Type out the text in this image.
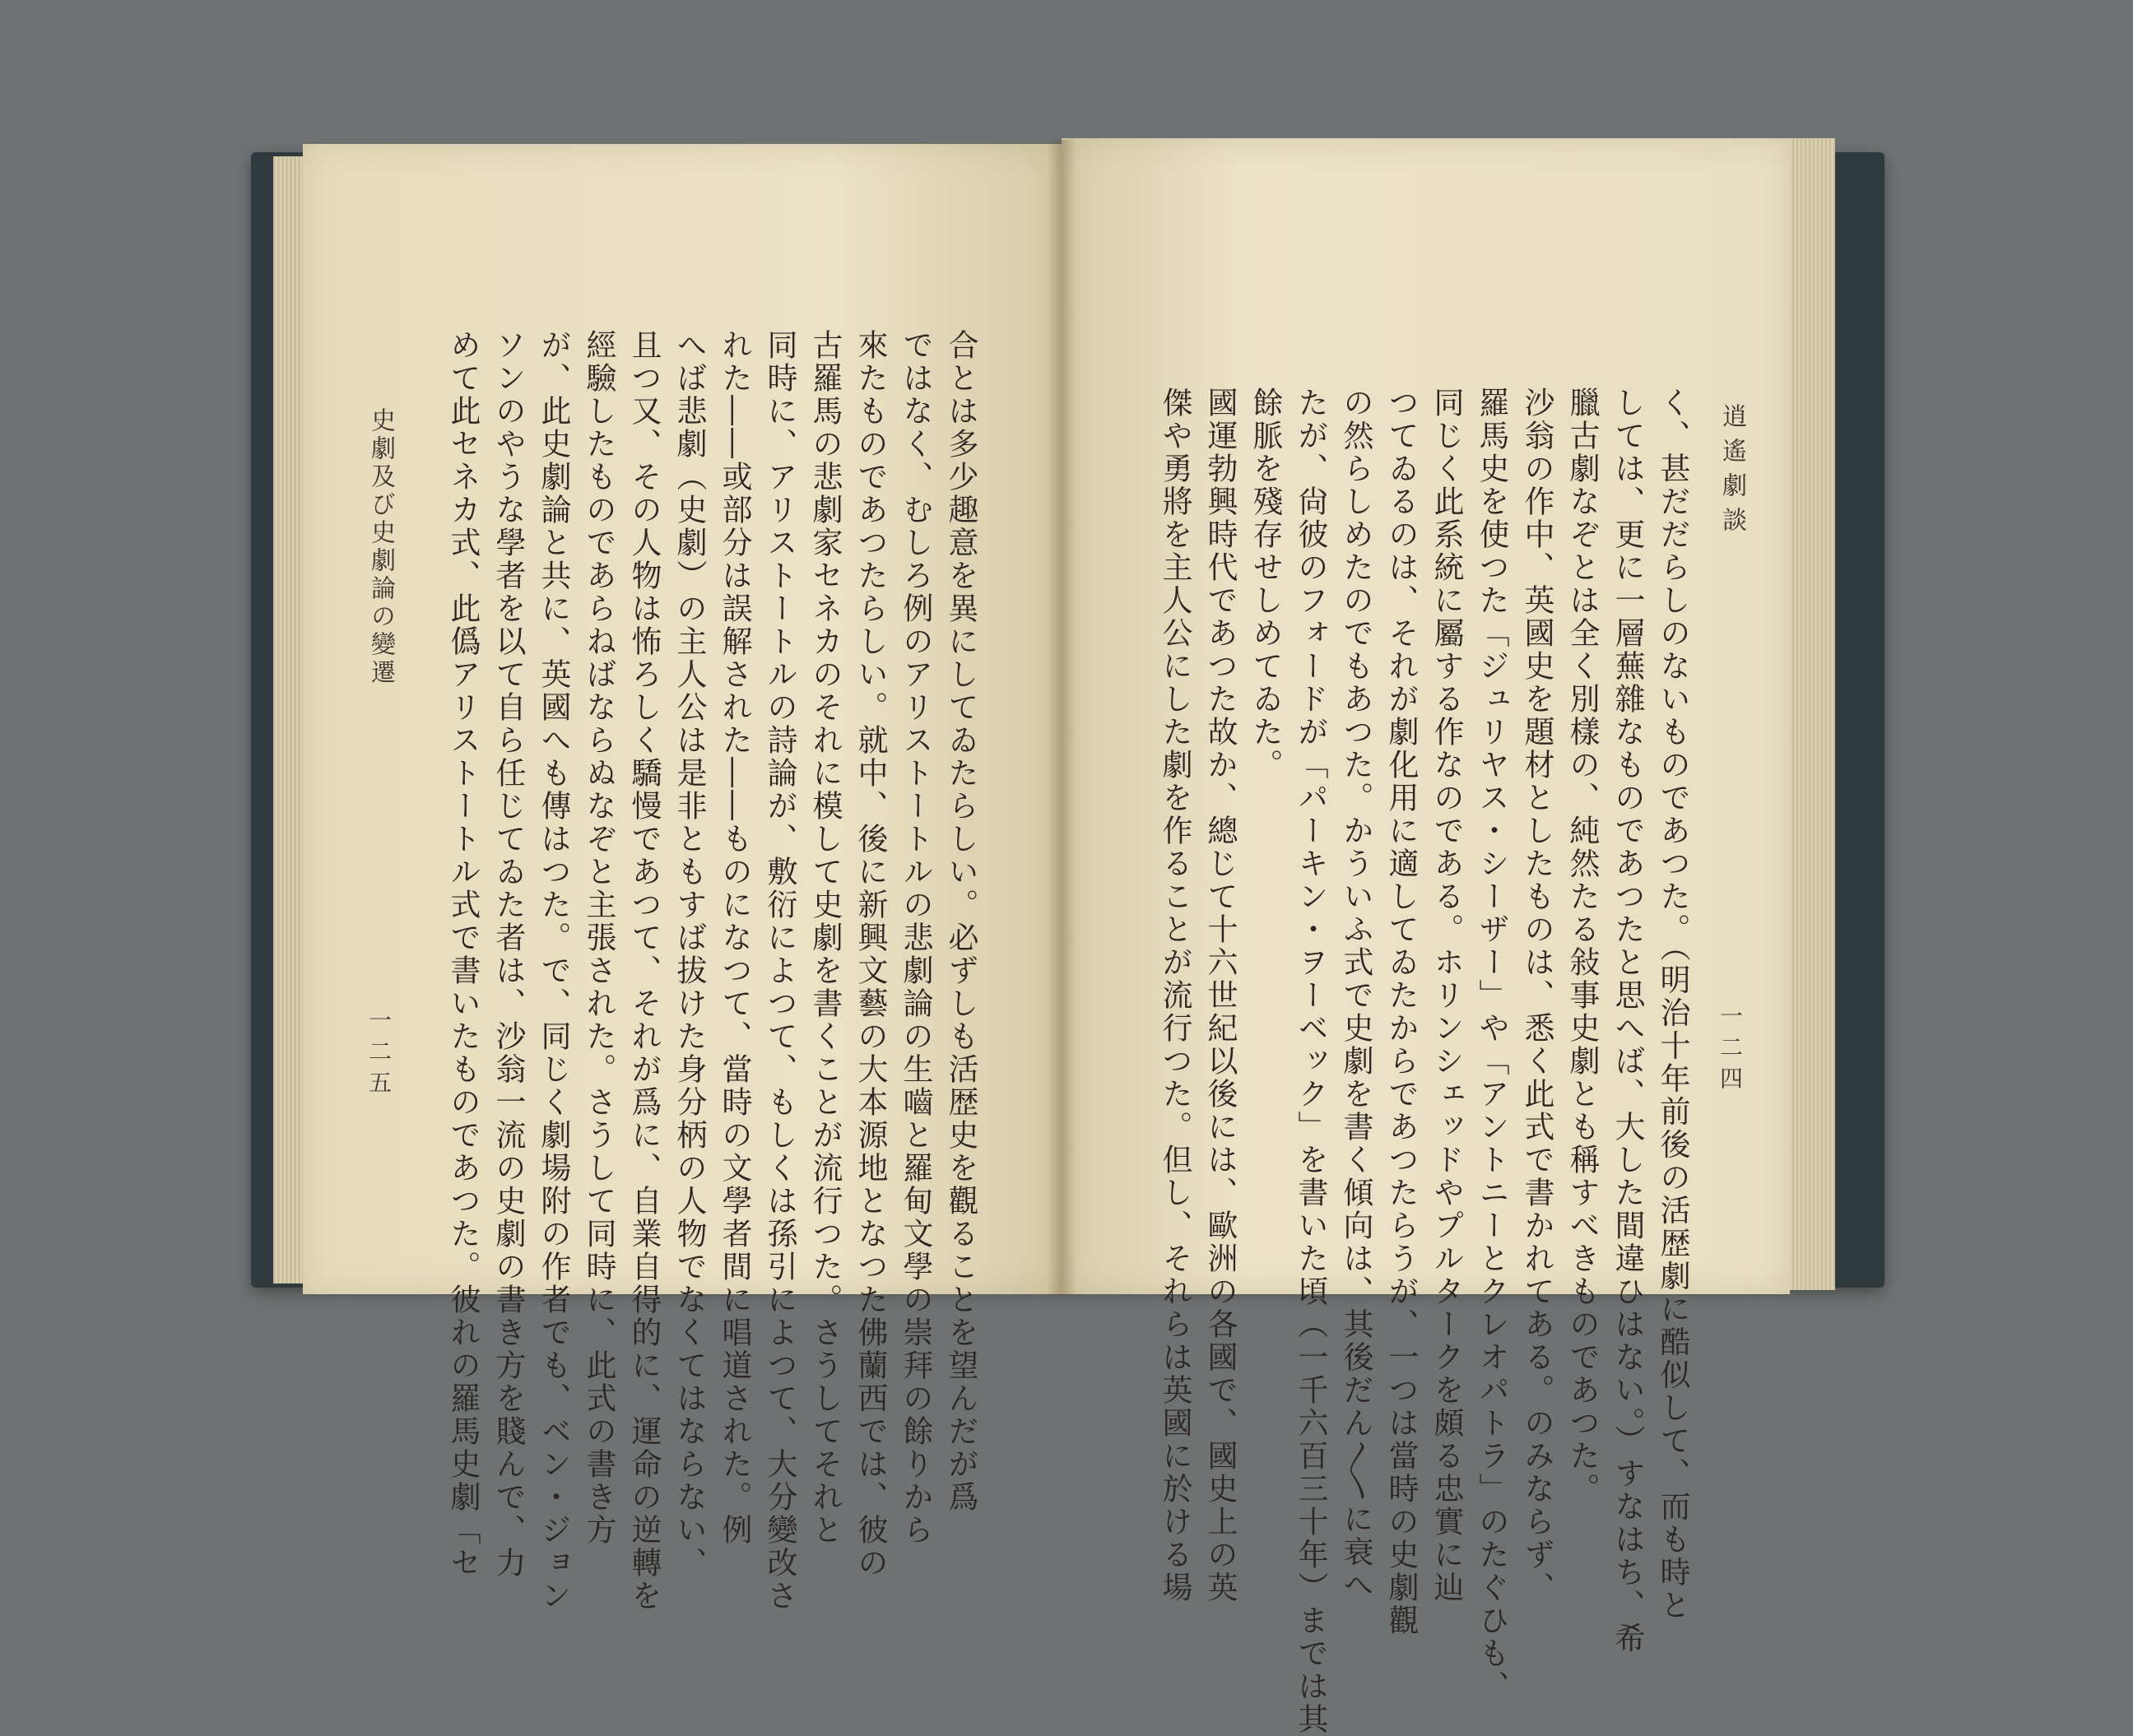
逍遙劇談
一二四
く、甚だだらしのないものであつた。（明治十年前後の活歴劇に酷似して、而も時と
しては、更に一層蕪雜なものであつたと思へば、大した間違ひはない。）すなはち、希
臘古劇なぞとは全く別樣の、純然たる敍事史劇とも稱すべきものであつた。
沙翁の作中、英國史を題材としたものは、悉く此式で書かれてある。のみならず、
羅馬史を使つた「ジュリヤス・シーザー」や「アントニーとクレオパトラ」のたぐひも、
同じく此系統に屬する作なのである。ホリンシェッドやプルタークを頗る忠實に辿
つてゐるのは、それが劇化用に適してゐたからであつたらうが、一つは當時の史劇觀
の然らしめたのでもあつた。かういふ式で史劇を書く傾向は、其後だん〳〵に衰へ
たが、尙彼のフォードが「パーキン・ヲーベック」を書いた頃（一千六百三十年）までは其
餘脈を殘存せしめてゐた。
國運勃興時代であつた故か、總じて十六世紀以後には、歐洲の各國で、國史上の英
傑や勇將を主人公にした劇を作ることが流行つた。但し、それらは英國に於ける場
合とは多少趣意を異にしてゐたらしい。必ずしも活歴史を觀ることを望んだが爲
ではなく、むしろ例のアリストートルの悲劇論の生嚙と羅甸文學の崇拜の餘りから
來たものであつたらしい。就中、後に新興文藝の大本源地となつた佛蘭西では、彼の
古羅馬の悲劇家セネカのそれに模して史劇を書くことが流行つた。さうしてそれと
同時に、アリストートルの詩論が、敷衍によつて、もしくは孫引によつて、大分變改さ
れた――或部分は誤解された――ものになつて、當時の文學者間に唱道された。例
へば悲劇（史劇）の主人公は是非ともすば拔けた身分柄の人物でなくてはならない、
且つ又、その人物は怖ろしく驕慢であつて、それが爲に、自業自得的に、運命の逆轉を
經驗したものであらねばならぬなぞと主張された。さうして同時に、此式の書き方
が、此史劇論と共に、英國へも傳はつた。で、同じく劇場附の作者でも、ベン・ジョン
ソンのやうな學者を以て自ら任じてゐた者は、沙翁一流の史劇の書き方を賤んで、力
めて此セネカ式、此僞アリストートル式で書いたものであつた。彼れの羅馬史劇「セ
史劇及び史劇論の變遷
一二五
